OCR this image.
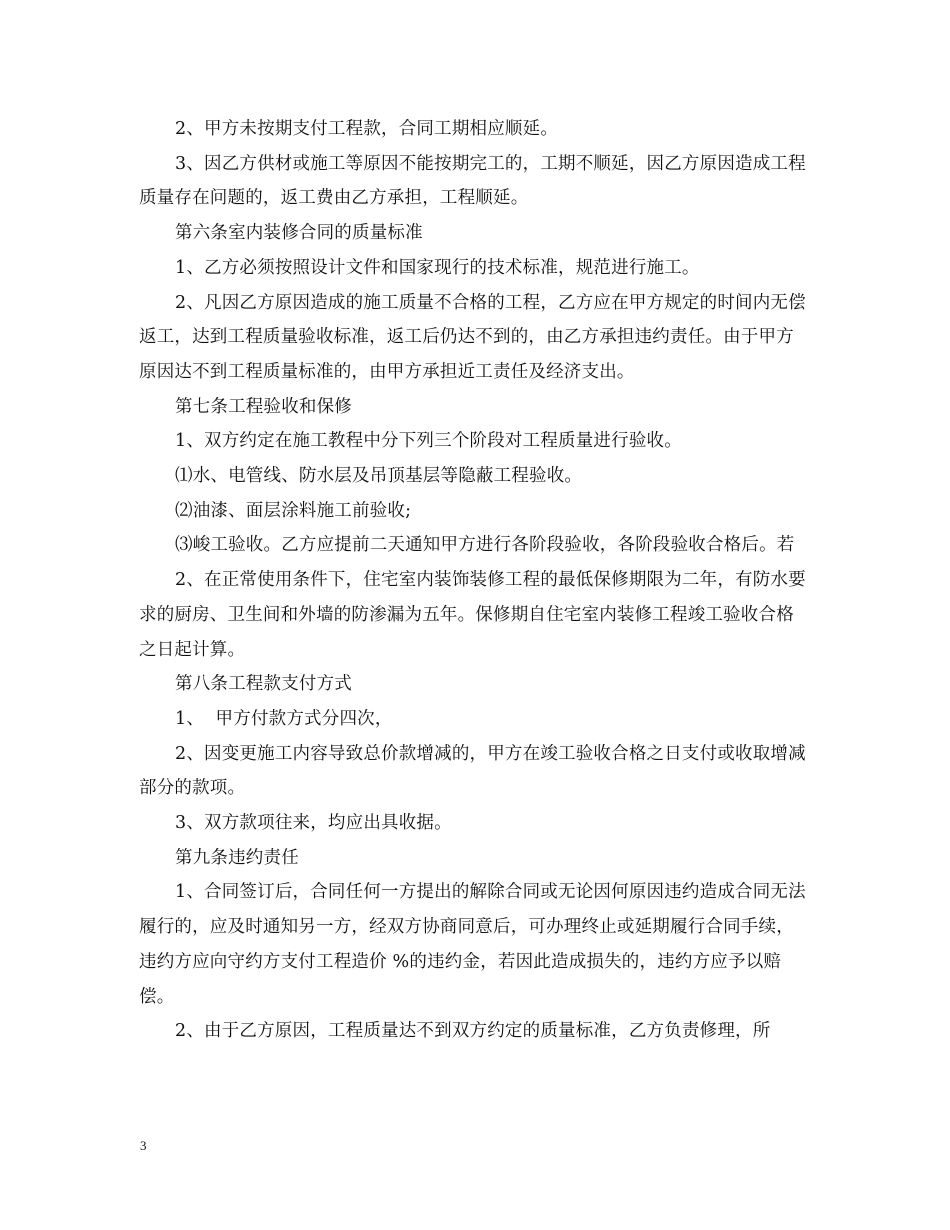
2、甲方未按期支付工程款，合同工期相应顺延。

3、因乙方供材或施工等原因不能按期完工的，工期不顺延，因乙方原因造成工程质量存在问题的，返工费由乙方承担，工程顺延。

第六条室内装修合同的质量标准

1、乙方必须按照设计文件和国家现行的技术标准，规范进行施工。

2、凡因乙方原因造成的施工质量不合格的工程，乙方应在甲方规定的时间内无偿返工，达到工程质量验收标准，返工后仍达不到的，由乙方承担违约责任。由于甲方原因达不到工程质量标准的，由甲方承担近工责任及经济支出。

第七条工程验收和保修

1、双方约定在施工教程中分下列三个阶段对工程质量进行验收。

⑴水、电管线、防水层及吊顶基层等隐蔽工程验收。

⑵油漆、面层涂料施工前验收;

⑶峻工验收。乙方应提前二天通知甲方进行各阶段验收，各阶段验收合格后。若

2、在正常使用条件下，住宅室内装饰装修工程的最低保修期限为二年，有防水要求的厨房、卫生间和外墙的防渗漏为五年。保修期自住宅室内装修工程竣工验收合格之日起计算。

第八条工程款支付方式

1、  甲方付款方式分四次，

2、因变更施工内容导致总价款增减的，甲方在竣工验收合格之日支付或收取增减部分的款项。

3、双方款项往来，均应出具收据。

第九条违约责任

1、合同签订后，合同任何一方提出的解除合同或无论因何原因违约造成合同无法履行的，应及时通知另一方，经双方协商同意后，可办理终止或延期履行合同手续，违约方应向守约方支付工程造价 %的违约金，若因此造成损失的，违约方应予以赔偿。

2、由于乙方原因，工程质量达不到双方约定的质量标准，乙方负责修理，所

3
